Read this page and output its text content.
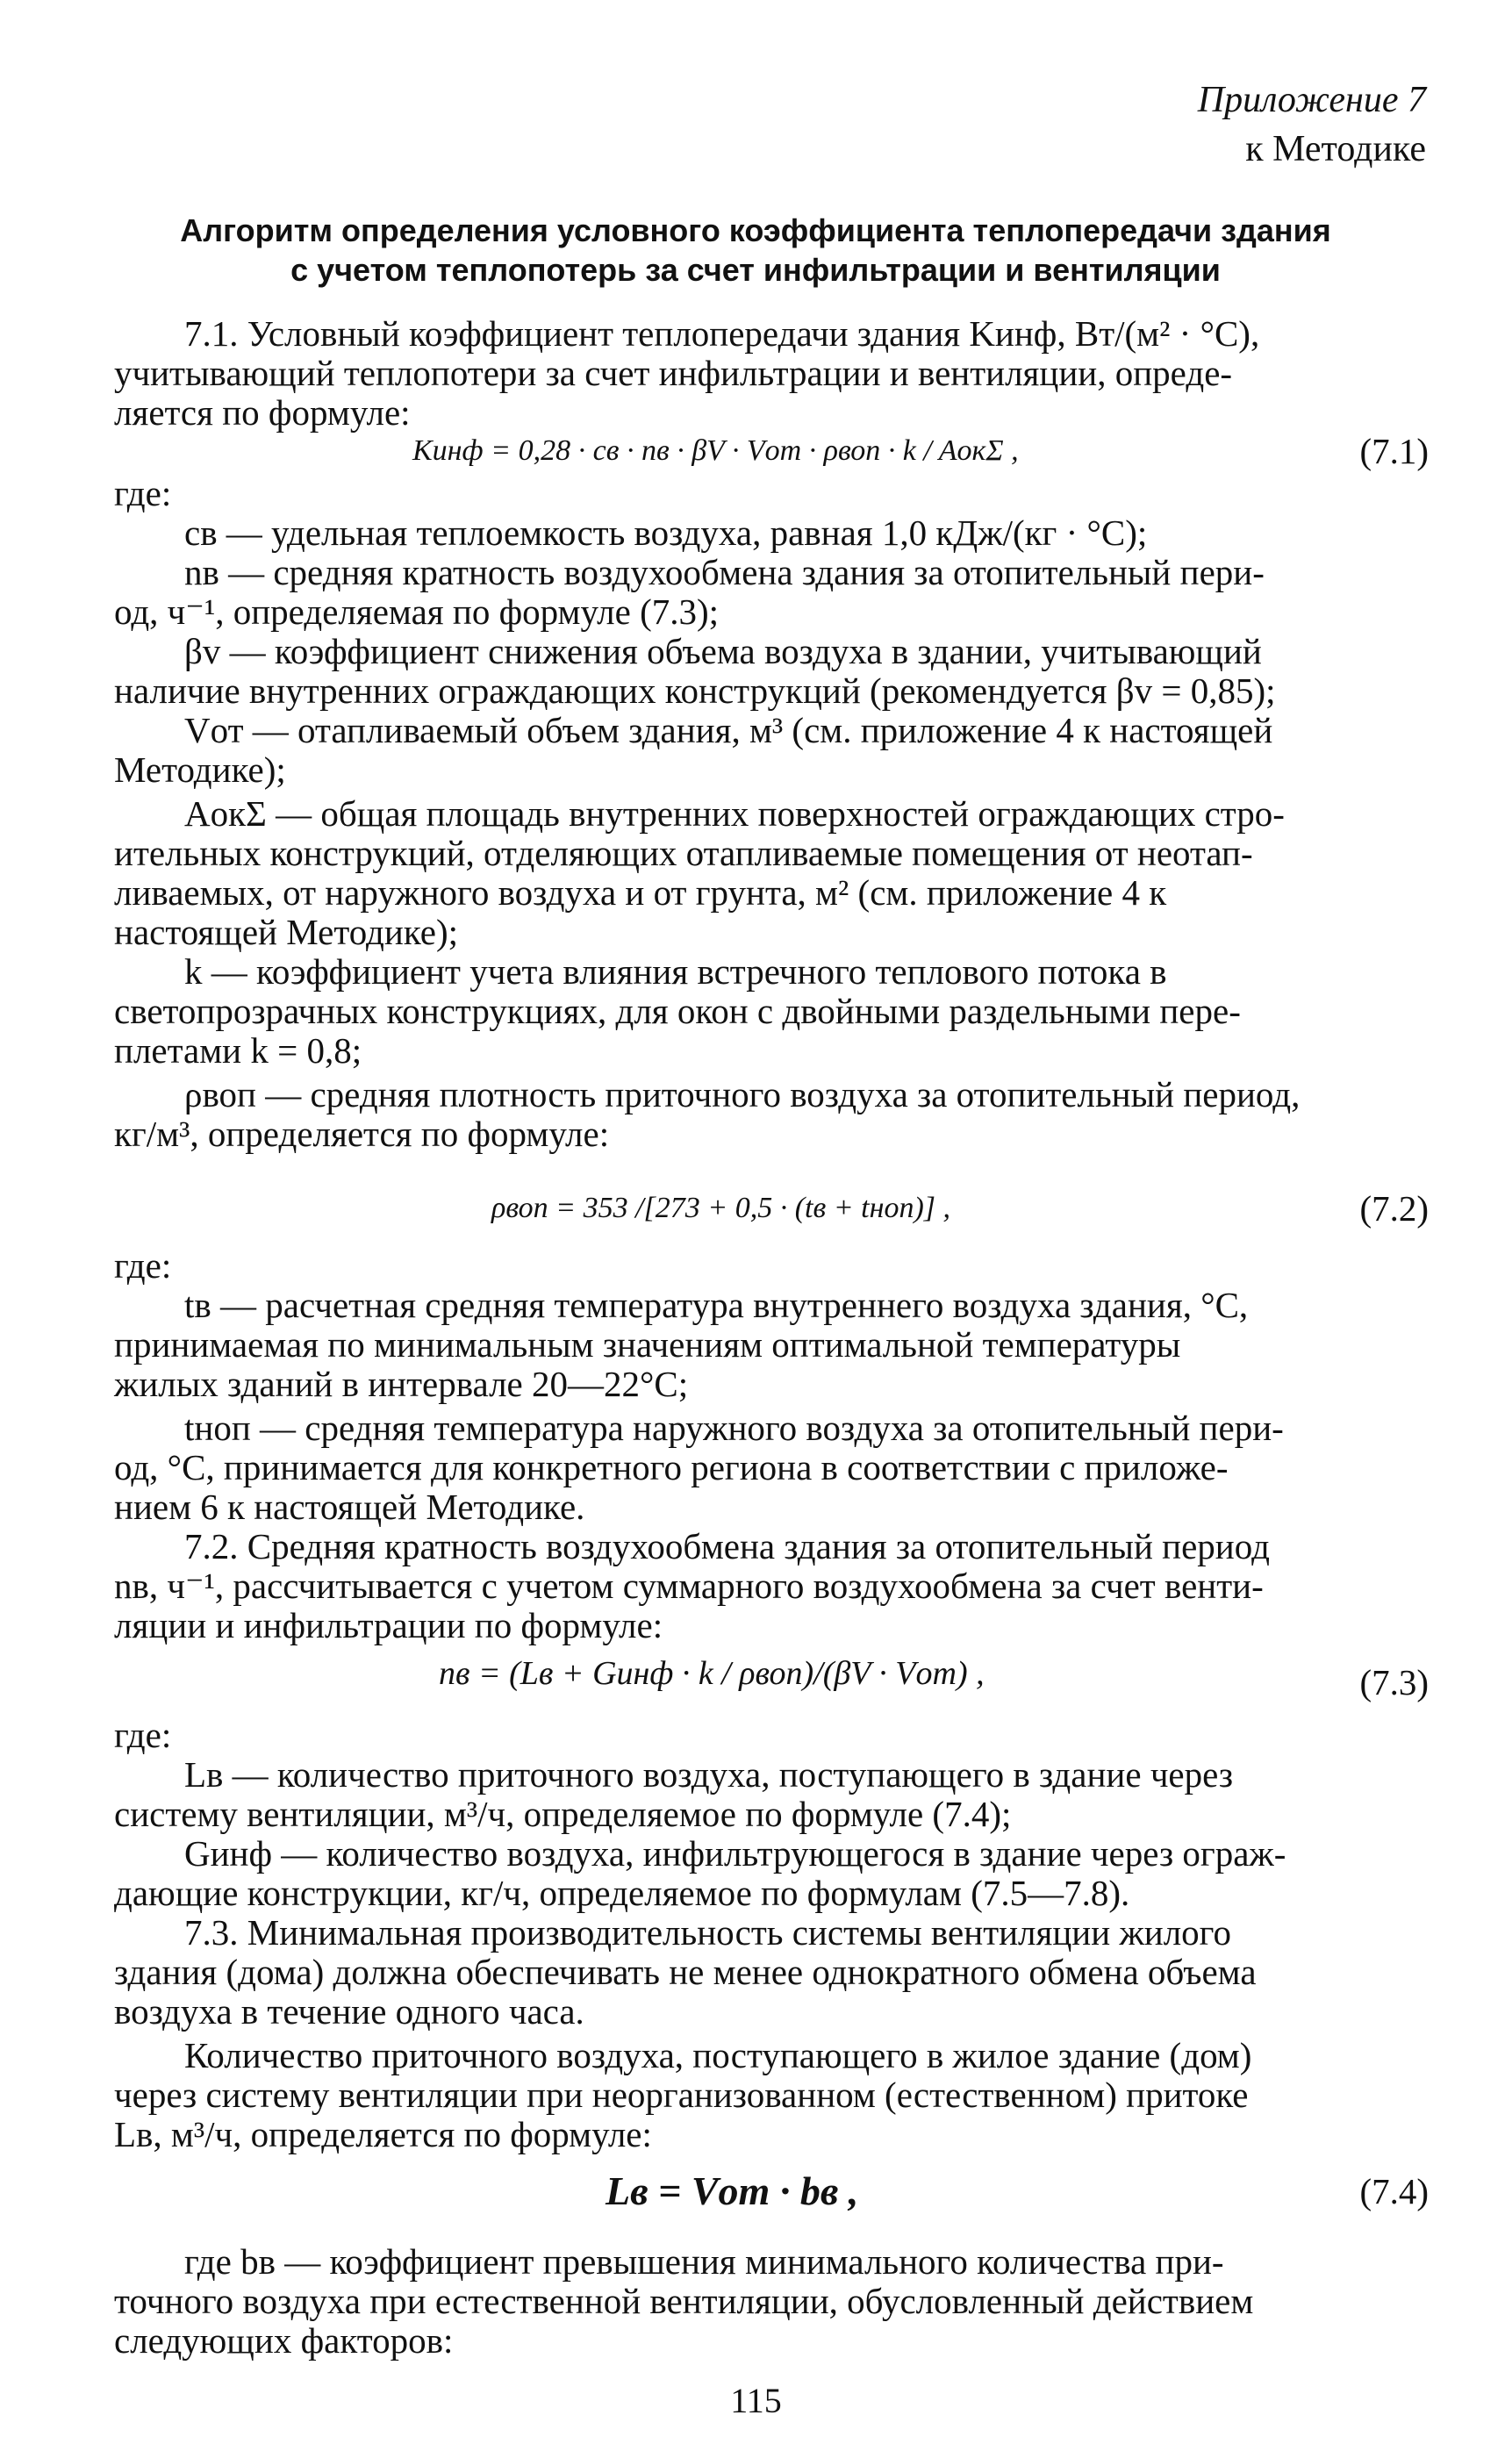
Приложение 7
к Методике
Алгоритм определения условного коэффициента теплопередачи здания
с учетом теплопотерь за счет инфильтрации и вентиляции
7.1. Условный коэффициент теплопередачи здания Kинф, Вт/(м² · °С),
учитывающий теплопотери за счет инфильтрации и вентиляции, опреде-
ляется по формуле:
Kинф = 0,28 · cв · nв · βV · Vот · ρвоп · k / AокΣ ,	(7.1)
где:
cв — удельная теплоемкость воздуха, равная 1,0 кДж/(кг · °С);
nв — средняя кратность воздухообмена здания за отопительный пери-
од, ч⁻¹, определяемая по формуле (7.3);
βv — коэффициент снижения объема воздуха в здании, учитывающий
наличие внутренних ограждающих конструкций (рекомендуется βv = 0,85);
Vот — отапливаемый объем здания, м³ (см. приложение 4 к настоящей
Методике);
AокΣ — общая площадь внутренних поверхностей ограждающих стро-
ительных конструкций, отделяющих отапливаемые помещения от неотап-
ливаемых, от наружного воздуха и от грунта, м² (см. приложение 4 к
настоящей Методике);
k — коэффициент учета влияния встречного теплового потока в
светопрозрачных конструкциях, для окон с двойными раздельными пере-
плетами k = 0,8;
ρвоп — средняя плотность приточного воздуха за отопительный период,
кг/м³, определяется по формуле:
ρвоп = 353 /[273 + 0,5 · (tв + tноп)] ,	(7.2)
где:
tв — расчетная средняя температура внутреннего воздуха здания, °С,
принимаемая по минимальным значениям оптимальной температуры
жилых зданий в интервале 20—22°С;
tноп — средняя температура наружного воздуха за отопительный пери-
од, °С, принимается для конкретного региона в соответствии с приложе-
нием 6 к настоящей Методике.
7.2. Средняя кратность воздухообмена здания за отопительный период
nв, ч⁻¹, рассчитывается с учетом суммарного воздухообмена за счет венти-
ляции и инфильтрации по формуле:
nв = (Lв + Gинф · k / ρвоп)/(βV · Vот) ,	(7.3)
где:
Lв — количество приточного воздуха, поступающего в здание через
систему вентиляции, м³/ч, определяемое по формуле (7.4);
Gинф — количество воздуха, инфильтрующегося в здание через ограж-
дающие конструкции, кг/ч, определяемое по формулам (7.5—7.8).
7.3. Минимальная производительность системы вентиляции жилого
здания (дома) должна обеспечивать не менее однократного обмена объема
воздуха в течение одного часа.
Количество приточного воздуха, поступающего в жилое здание (дом)
через систему вентиляции при неорганизованном (естественном) притоке
Lв, м³/ч, определяется по формуле:
Lв = Vот · bв ,	(7.4)
где bв — коэффициент превышения минимального количества при-
точного воздуха при естественной вентиляции, обусловленный действием
следующих факторов:
115
